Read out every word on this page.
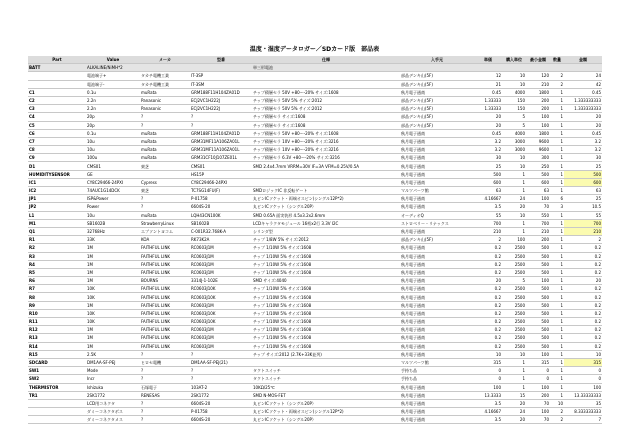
温度・湿度データロガー／SDカード版　部品表
Part	Value	メーカ	型番	仕様	入手元	単価	購入単位	最小金額	数量	金額
BATT	ALKALINE/NiMH*2			単三形電池						
	電池端子+	タカチ電機工業	IT-3SP		部品デンキ山(5F)	12	10	120	2	24
	電池端子-	タカチ電機工業	IT-3SM		部品デンキ山(5F)	21	10	210	2	42
C1	0.1u	muRata	GRM188F11H104ZA01D	チップ積層セラ 50V +80～-20% サイズ:1608	秋月電子通商	0.45	4000	1800	1	0.45
C2	2.2n	Panasonic	ECJ2VC1H222J	チップ積層セラ 50V 5% サイズ:2012	部品デンキ山(5F)	1.33333	150	200	1	1.333333333
C3	2.2n	Panasonic	ECJ2VC1H222J	チップ積層セラ 50V 5% サイズ:2012	部品デンキ山(5F)	1.33333	150	200	1	1.333333333
C4	20p	?	?	チップ積層セラ サイズ:1608	部品デンキ山(5F)	20	5	100	1	20
C5	20p	?	?	チップ積層セラ サイズ:1608	部品デンキ山(5F)	20	5	100	1	20
C6	0.1u	muRata	GRM188F11H104ZA01D	チップ積層セラ 50V +80～-20% サイズ:1608	秋月電子通商	0.45	4000	1800	1	0.45
C7	10u	muRata	GRM31MF11A106ZA01L	チップ積層セラ 10V +80～-20% サイズ:3216	秋月電子通商	3.2	3000	9600	1	3.2
C8	10u	muRata	GRM31MF11A106ZA01L	チップ積層セラ 10V +80～-20% サイズ:3216	秋月電子通商	3.2	3000	9600	1	3.2
C9	100u	muRata	GRM31CF10J107ZE01L	チップ積層セラ 6.3V +80～-20% サイズ:3216	秋月電子通商	30	10	300	1	30
D1	CMS01	東芝	CMS01	SMD 2.4x4.7mm VRRM=30V IF=3A VFM=0.25V/0.5A	秋月電子通商	25	10	250	1	25
HUMIDITYSENSOR	GE		HS15P		秋月電子通商	500	1	500	1	500
IC1	CY8C29466-24PXI	Cypress	CY8C29466-24PXI		秋月電子通商	600	1	600	1	600
IC2	74AUC1G14DCK	東芝	TC7SG14FU(F)	SMDロジックIC 非反転ゲート	マルツパーツ館	63	1	63	1	63
JP1	ISP&Power	?	P-01758	丸ピンICソケット・両端オスピン(シングル12P*2)	秋月電子通商	4.16667	24	100	6	25
JP2	Power	?	6604S-20	丸ピンICソケット（シングル20P）	秋月電子通商	3.5	20	70	3	10.5
L1	10u	muRata	LQH43CN100K	SMD 0.65A 面実装形 4.5x3.2x2.6mm	オーディオQ	55	10	550	1	55
M1	SB1602B	StrawberryLinux	SB1602B	LCDキャラクタモジュール 16桁x2行 3.3V I2C	ストロベリー・リナックス	700	1	700	1	700
Q1	32768Hz	エプソントヨコム	C-001R32.768K-A	シリンダ型	秋月電子通商	210	1	210	1	210
R1	33K	KOA	RK73K2A	チップ 1/8W 5% サイズ:2012	部品デンキ山(5F)	2	100	200	1	2
R2	1M	FAITHFUL LINK	RC0603J1M	チップ 1/10W 5% サイズ:1608	秋月電子通商	0.2	2500	500	1	0.2
R3	1M	FAITHFUL LINK	RC0603J1M	チップ 1/10W 5% サイズ:1608	秋月電子通商	0.2	2500	500	1	0.2
R4	1M	FAITHFUL LINK	RC0603J1M	チップ 1/10W 5% サイズ:1608	秋月電子通商	0.2	2500	500	1	0.2
R5	1M	FAITHFUL LINK	RC0603J1M	チップ 1/10W 5% サイズ:1608	秋月電子通商	0.2	2500	500	1	0.2
R6	1M	BOURNS	3314J-1-102E	SMD サイズ:4040	秋月電子通商	20	5	100	1	20
R7	10K	FAITHFUL LINK	RC0603J10K	チップ 1/10W 5% サイズ:1608	秋月電子通商	0.2	2500	500	1	0.2
R8	10K	FAITHFUL LINK	RC0603J10K	チップ 1/10W 5% サイズ:1608	秋月電子通商	0.2	2500	500	1	0.2
R9	1M	FAITHFUL LINK	RC0603J1M	チップ 1/10W 5% サイズ:1608	秋月電子通商	0.2	2500	500	1	0.2
R10	10K	FAITHFUL LINK	RC0603J10K	チップ 1/10W 5% サイズ:1608	秋月電子通商	0.2	2500	500	1	0.2
R11	10K	FAITHFUL LINK	RC0603J10K	チップ 1/10W 5% サイズ:1608	秋月電子通商	0.2	2500	500	1	0.2
R12	1M	FAITHFUL LINK	RC0603J1M	チップ 1/10W 5% サイズ:1608	秋月電子通商	0.2	2500	500	1	0.2
R13	1M	FAITHFUL LINK	RC0603J1M	チップ 1/10W 5% サイズ:1608	秋月電子通商	0.2	2500	500	1	0.2
R14	1M	FAITHFUL LINK	RC0603J1M	チップ 1/10W 5% サイズ:1608	秋月電子通商	0.2	2500	500	1	0.2
R15	2.5K	?	?	チップ サイズ:2012 (2.7K+33K並列)	秋月電子通商	10	10	100	1	10
SDCARD	DM1AA-SF-PEJ	ヒロセ電機	DM1AA-SF-PEJ(21)		マルツパーツ館	315	1	315	1	315
SW1	Mode	?	?	タクトスイッチ	手持ち品	0	1	0	1	0
SW2	Incr	?	?	タクトスイッチ	手持ち品	0	1	0	1	0
THERMISTOR	Ishizuka	石塚電子	103AT-2	10KΩ/25℃	秋月電子通商	100	1	100	1	100
TR1	2SK1772	RENESAS	2SK1772	SMD N-MOS-FET	秋月電子通商	13.3333	15	200	1	13.33333333
	LCD用コネクタ	?	6604S-20	丸ピンICソケット（シングル20P）	秋月電子通商	3.5	20	70	10	35
	ダミーコネクタボス	?	P-01758	丸ピンICソケット・両端オスピン(シングル12P*2)	秋月電子通商	4.16667	24	100	2	8.333333333
	ダミーコネクタメス	?	6604S-20	丸ピンICソケット（シングル20P）	秋月電子通商	3.5	20	70	2	7
